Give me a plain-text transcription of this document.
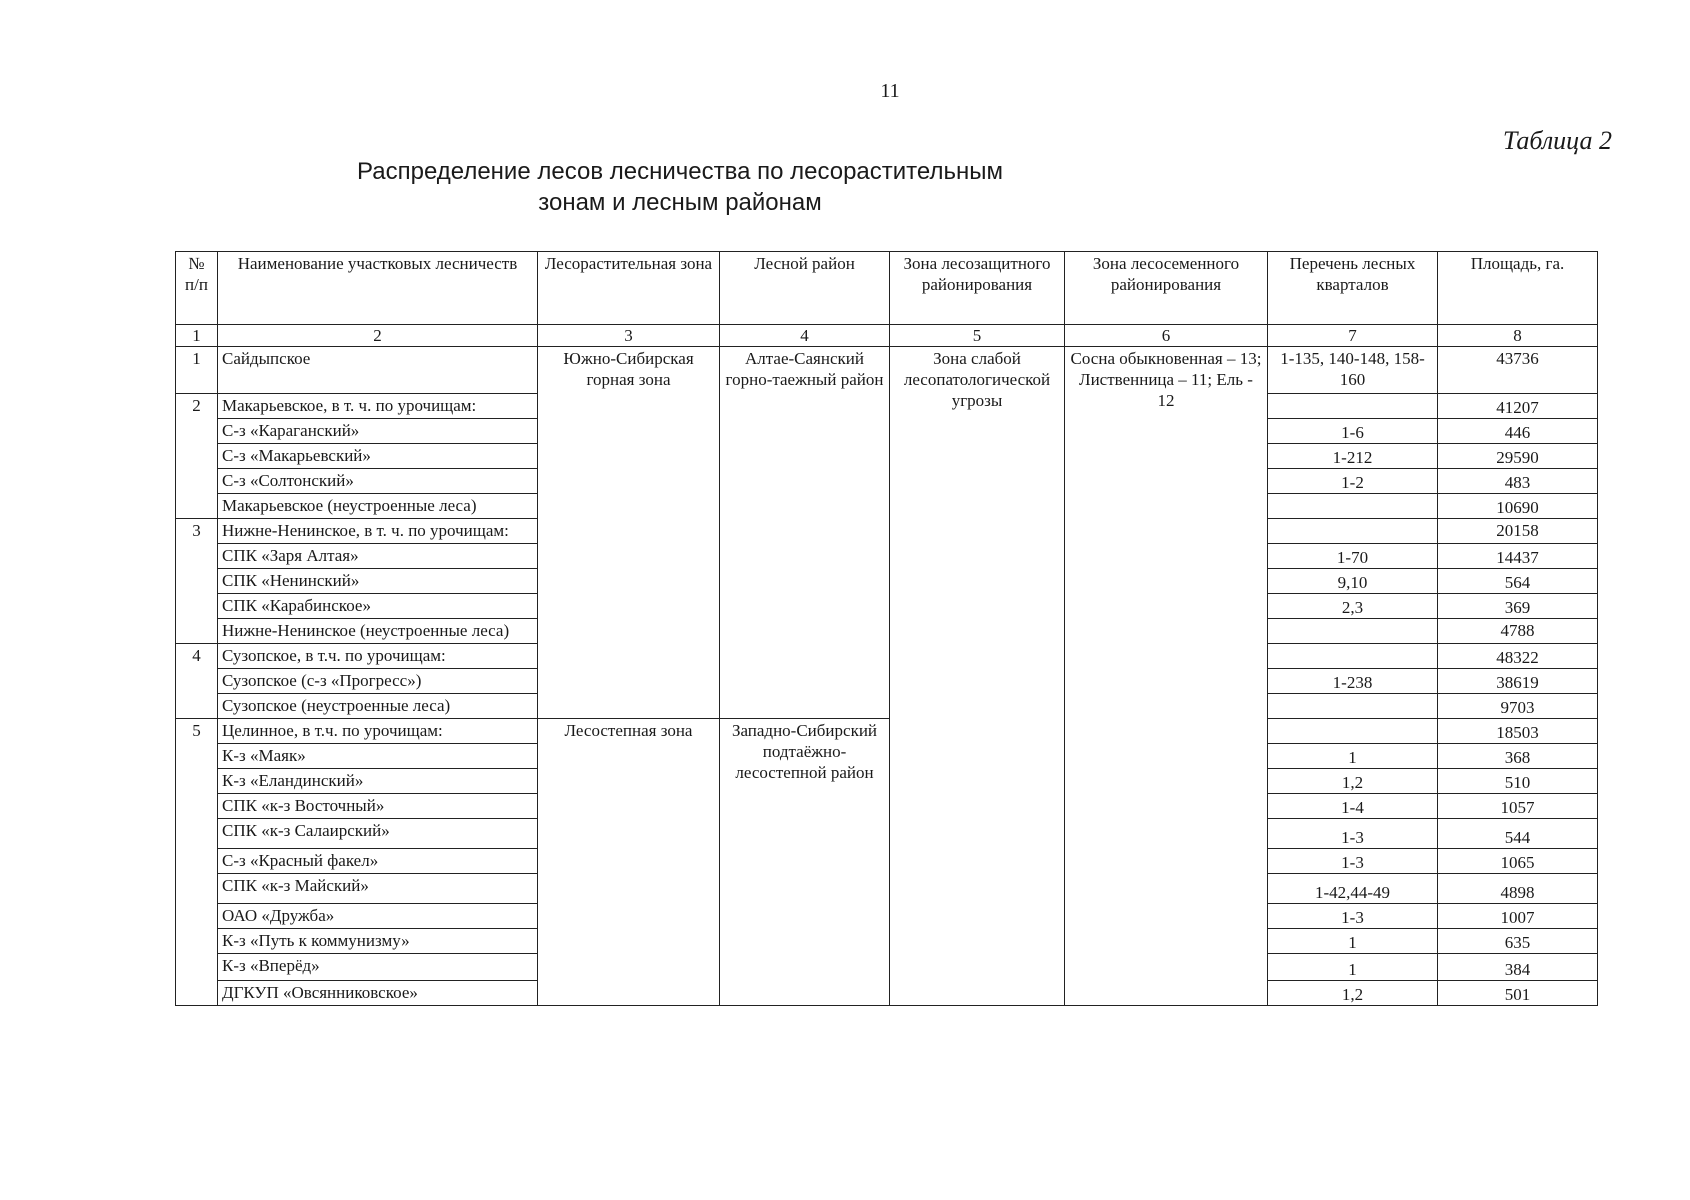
11
Таблица 2
Распределение лесов лесничества по лесорастительным
зонам и лесным районам
№ п/п	Наименование участковых лесничеств	Лесорастительная зона	Лесной район	Зона лесозащитного районирования	Зона лесосеменного районирования	Перечень лесных кварталов	Площадь, га.
1	2	3	4	5	6	7	8
1	Сайдыпское	Южно-Сибирская горная зона	Алтае-Саянский горно-таежный район	Зона слабой лесопатологической угрозы	Сосна обыкновенная – 13; Лиственница – 11; Ель - 12	1-135, 140-148, 158-160	43736
2	Макарьевское, в т. ч. по урочищам:						41207
	С-з «Караганский»					1-6	446
	С-з «Макарьевский»					1-212	29590
	С-з «Солтонский»					1-2	483
	Макарьевское (неустроенные леса)						10690
3	Нижне-Ненинское, в т. ч. по урочищам:						20158
	СПК «Заря Алтая»					1-70	14437
	СПК «Ненинский»					9,10	564
	СПК «Карабинское»					2,3	369
	Нижне-Ненинское (неустроенные леса)						4788
4	Сузопское, в т.ч. по урочищам:						48322
	Сузопское (с-з «Прогресс»)					1-238	38619
	Сузопское (неустроенные леса)						9703
5	Целинное, в т.ч. по урочищам:	Лесостепная зона	Западно-Сибирский подтаёжно-лесостепной район				18503
	К-з «Маяк»					1	368
	К-з «Еландинский»					1,2	510
	СПК «к-з Восточный»					1-4	1057
	СПК «к-з Салаирский»					1-3	544
	С-з «Красный факел»					1-3	1065
	СПК «к-з Майский»					1-42,44-49	4898
	ОАО «Дружба»					1-3	1007
	К-з «Путь к коммунизму»					1	635
	К-з «Вперёд»					1	384
	ДГКУП «Овсянниковское»					1,2	501
